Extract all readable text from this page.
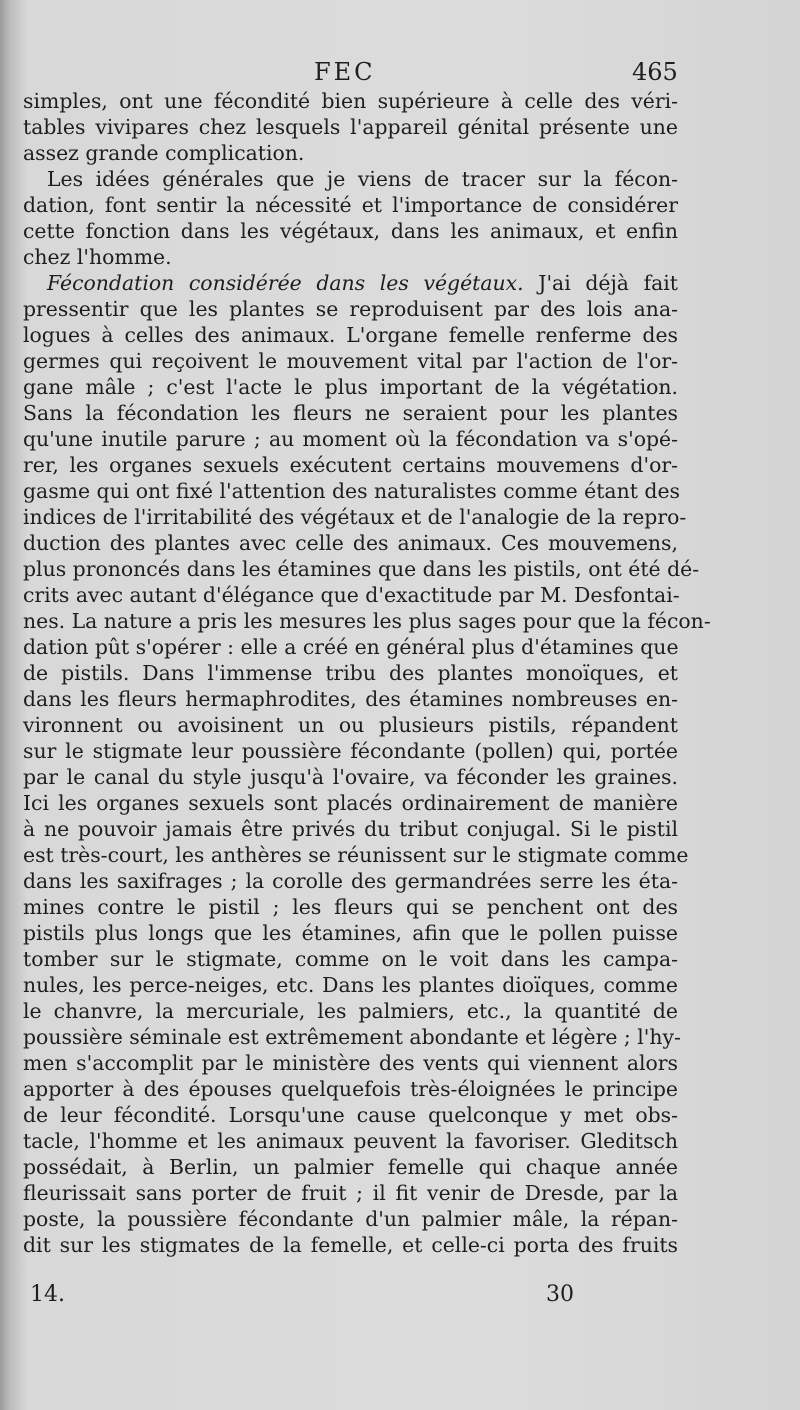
FEC	465
simples, ont une fécondité bien supérieure à celle des véri-
tables vivipares chez lesquels l'appareil génital présente une
assez grande complication.
Les idées générales que je viens de tracer sur la fécon-
dation, font sentir la nécessité et l'importance de considérer
cette fonction dans les végétaux, dans les animaux, et enfin
chez l'homme.
Fécondation considérée dans les végétaux. J'ai déjà fait
pressentir que les plantes se reproduisent par des lois ana-
logues à celles des animaux. L'organe femelle renferme des
germes qui reçoivent le mouvement vital par l'action de l'or-
gane mâle ; c'est l'acte le plus important de la végétation.
Sans la fécondation les fleurs ne seraient pour les plantes
qu'une inutile parure ; au moment où la fécondation va s'opé-
rer, les organes sexuels exécutent certains mouvemens d'or-
gasme qui ont fixé l'attention des naturalistes comme étant des
indices de l'irritabilité des végétaux et de l'analogie de la repro-
duction des plantes avec celle des animaux. Ces mouvemens,
plus prononcés dans les étamines que dans les pistils, ont été dé-
crits avec autant d'élégance que d'exactitude par M. Desfontai-
nes. La nature a pris les mesures les plus sages pour que la fécon-
dation pût s'opérer : elle a créé en général plus d'étamines que
de pistils. Dans l'immense tribu des plantes monoïques, et
dans les fleurs hermaphrodites, des étamines nombreuses en-
vironnent ou avoisinent un ou plusieurs pistils, répandent
sur le stigmate leur poussière fécondante (pollen) qui, portée
par le canal du style jusqu'à l'ovaire, va féconder les graines.
Ici les organes sexuels sont placés ordinairement de manière
à ne pouvoir jamais être privés du tribut conjugal. Si le pistil
est très-court, les anthères se réunissent sur le stigmate comme
dans les saxifrages ; la corolle des germandrées serre les éta-
mines contre le pistil ; les fleurs qui se penchent ont des
pistils plus longs que les étamines, afin que le pollen puisse
tomber sur le stigmate, comme on le voit dans les campa-
nules, les perce-neiges, etc. Dans les plantes dioïques, comme
le chanvre, la mercuriale, les palmiers, etc., la quantité de
poussière séminale est extrêmement abondante et légère ; l'hy-
men s'accomplit par le ministère des vents qui viennent alors
apporter à des épouses quelquefois très-éloignées le principe
de leur fécondité. Lorsqu'une cause quelconque y met obs-
tacle, l'homme et les animaux peuvent la favoriser. Gleditsch
possédait, à Berlin, un palmier femelle qui chaque année
fleurissait sans porter de fruit ; il fit venir de Dresde, par la
poste, la poussière fécondante d'un palmier mâle, la répan-
dit sur les stigmates de la femelle, et celle-ci porta des fruits
14.	30
